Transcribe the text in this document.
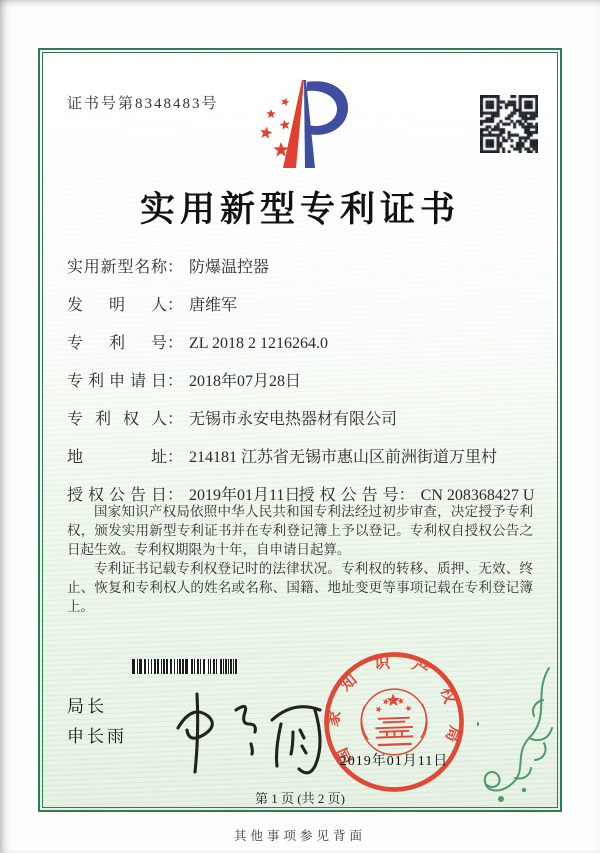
证书号第8348483号
实用新型专利证书
实用新型名称： 防爆温控器
发明人： 唐维军
专利号： ZL 2018 2 1216264.0
专利申请日： 2018年07月28日
专利权人： 无锡市永安电热器材有限公司
地址： 214181 江苏省无锡市惠山区前洲街道万里村
授权公告日： 2019年01月11日授权公告号： CN 208368427 U

国家知识产权局依照中华人民共和国专利法经过初步审查，决定授予专利权，颁发实用新型专利证书并在专利登记簿上予以登记。专利权自授权公告之日起生效。专利权期限为十年，自申请日起算。

专利证书记载专利权登记时的法律状况。专利权的转移、质押、无效、终止、恢复和专利权人的姓名或名称、国籍、地址变更等事项记载在专利登记簿上。

局长
申长雨	国家知识产权局
2019年01月11日
第 1 页 (共 2 页)
其他事项参见背面
